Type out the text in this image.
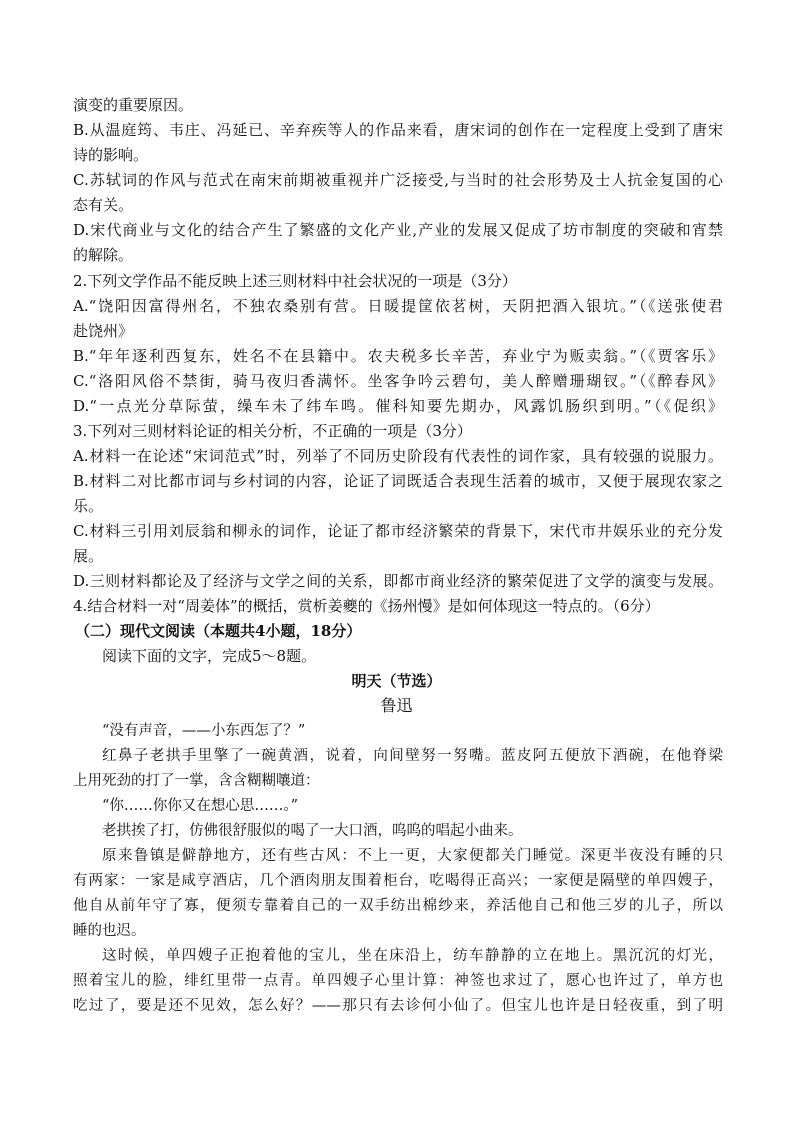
演变的重要原因。
B.从温庭筠、韦庄、冯延已、辛弃疾等人的作品来看，唐宋词的创作在一定程度上受到了唐宋
诗的影响。
C.苏轼词的作风与范式在南宋前期被重视并广泛接受,与当时的社会形势及士人抗金复国的心
态有关。
D.宋代商业与文化的结合产生了繁盛的文化产业,产业的发展又促成了坊市制度的突破和宵禁
的解除。
2.下列文学作品不能反映上述三则材料中社会状况的一项是（3分）
A.“饶阳因富得州名，不独农桑别有营。日暖提筐依茗树，天阴把酒入银坑。”（《送张使君
赴饶州》
B.“年年逐利西复东，姓名不在县籍中。农夫税多长辛苦，弃业宁为贩卖翁。”（《贾客乐》
C.“洛阳风俗不禁街，骑马夜归香满怀。坐客争吟云碧句，美人醉赠珊瑚钗。”（《醉春风》
D.“一点光分草际萤，缲车未了纬车鸣。催科知要先期办，风露饥肠织到明。”（《促织》
3.下列对三则材料论证的相关分析，不正确的一项是（3分）
A.材料一在论述“宋词范式”时，列举了不同历史阶段有代表性的词作家，具有较强的说服力。
B.材料二对比都市词与乡村词的内容，论证了词既适合表现生活着的城市，又便于展现农家之
乐。
C.材料三引用刘辰翁和柳永的词作，论证了都市经济繁荣的背景下，宋代市井娱乐业的充分发
展。
D.三则材料都论及了经济与文学之间的关系，即都市商业经济的繁荣促进了文学的演变与发展。
4.结合材料一对“周姜体”的概括，赏析姜夔的《扬州慢》是如何体现这一特点的。（6分）
（二）现代文阅读（本题共4小题，18分）
阅读下面的文字，完成5～8题。
明天（节选）
鲁迅
“没有声音，——小东西怎了？”
红鼻子老拱手里擎了一碗黄酒，说着，向间壁努一努嘴。蓝皮阿五便放下酒碗，在他脊梁
上用死劲的打了一掌，含含糊糊嚷道：
“你……你你又在想心思……。”
老拱挨了打，仿佛很舒服似的喝了一大口酒，呜呜的唱起小曲来。
原来鲁镇是僻静地方，还有些古风：不上一更，大家便都关门睡觉。深更半夜没有睡的只
有两家：一家是咸亨酒店，几个酒肉朋友围着柜台，吃喝得正高兴；一家便是隔壁的单四嫂子，
他自从前年守了寡，便须专靠着自己的一双手纺出棉纱来，养活他自己和他三岁的儿子，所以
睡的也迟。
这时候，单四嫂子正抱着他的宝儿，坐在床沿上，纺车静静的立在地上。黑沉沉的灯光，
照着宝儿的脸，绯红里带一点青。单四嫂子心里计算：神签也求过了，愿心也许过了，单方也
吃过了，要是还不见效，怎么好？——那只有去诊何小仙了。但宝儿也许是日轻夜重，到了明
